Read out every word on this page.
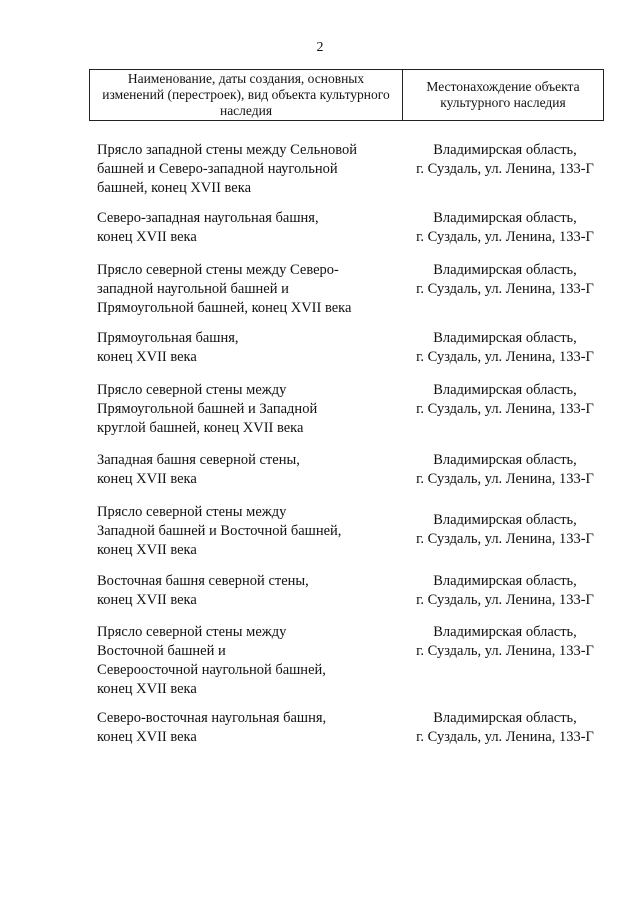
2
Наименование, даты создания, основных
изменений (перестроек), вид объекта культурного
наследия
Местонахождение объекта
культурного наследия
Прясло западной стены между Сельновой
башней и Северо-западной наугольной
башней, конец XVII века
Владимирская область,
г. Суздаль, ул. Ленина, 133-Г
Северо-западная наугольная башня,
конец XVII века
Владимирская область,
г. Суздаль, ул. Ленина, 133-Г
Прясло северной стены между Северо-
западной наугольной башней и
Прямоугольной башней, конец XVII века
Владимирская область,
г. Суздаль, ул. Ленина, 133-Г
Прямоугольная башня,
конец XVII века
Владимирская область,
г. Суздаль, ул. Ленина, 133-Г
Прясло северной стены между
Прямоугольной башней и Западной
круглой башней, конец XVII века
Владимирская область,
г. Суздаль, ул. Ленина, 133-Г
Западная башня северной стены,
конец XVII века
Владимирская область,
г. Суздаль, ул. Ленина, 133-Г
Прясло северной стены между
Западной башней и Восточной башней,
конец XVII века
Владимирская область,
г. Суздаль, ул. Ленина, 133-Г
Восточная башня северной стены,
конец XVII века
Владимирская область,
г. Суздаль, ул. Ленина, 133-Г
Прясло северной стены между
Восточной башней и
Североосточной наугольной башней,
конец XVII века
Владимирская область,
г. Суздаль, ул. Ленина, 133-Г
Северо-восточная наугольная башня,
конец XVII века
Владимирская область,
г. Суздаль, ул. Ленина, 133-Г
